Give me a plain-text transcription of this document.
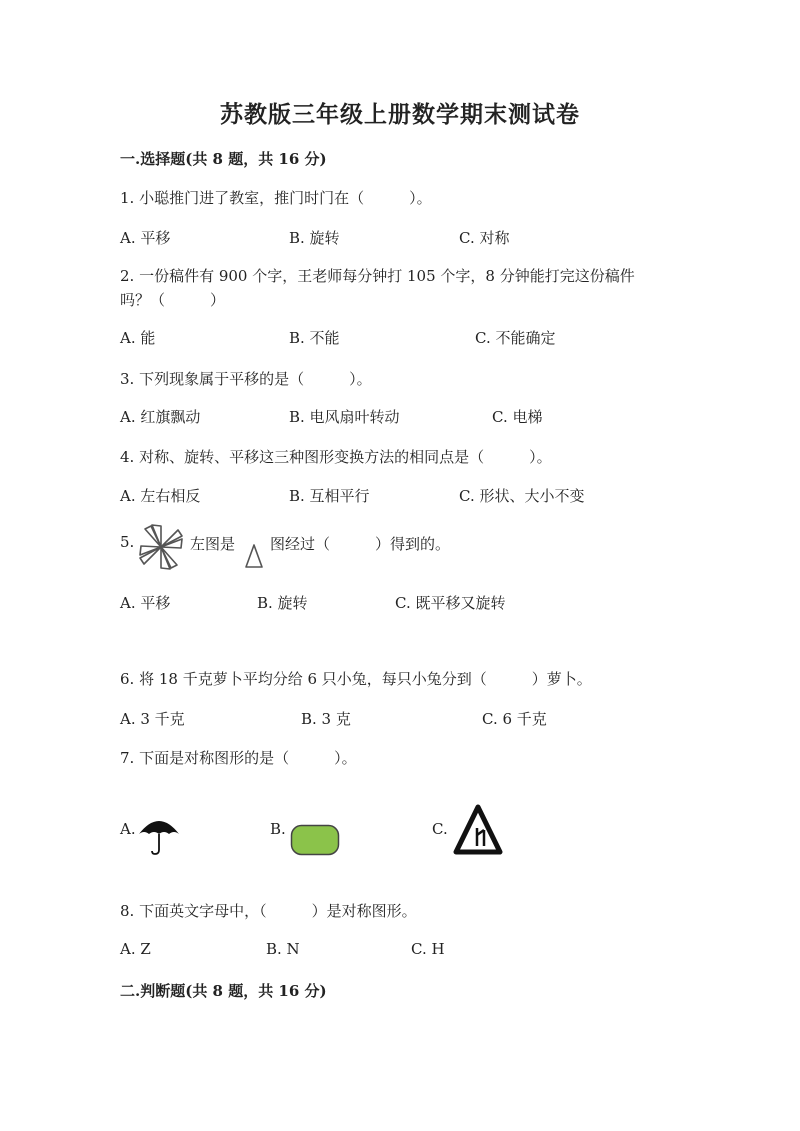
苏教版三年级上册数学期末测试卷
一.选择题(共 8 题，共 16 分)
1. 小聪推门进了教室，推门时门在（　　　）。
A. 平移	B. 旋转	C. 对称
2. 一份稿件有 900 个字，王老师每分钟打 105 个字，8 分钟能打完这份稿件吗？（　　　）
A. 能	B. 不能	C. 不能确定
3. 下列现象属于平移的是（　　　）。
A. 红旗飘动	B. 电风扇叶转动	C. 电梯
4. 对称、旋转、平移这三种图形变换方法的相同点是（　　　）。
A. 左右相反	B. 互相平行	C. 形状、大小不变
5.	左图是 图经过（　　　）得到的。
A. 平移	B. 旋转	C. 既平移又旋转
6. 将 18 千克萝卜平均分给 6 只小兔，每只小兔分到（　　　）萝卜。
A. 3 千克	B. 3 克	C. 6 千克
7. 下面是对称图形的是（　　　）。
A.	B.	C.
8. 下面英文字母中，（　　　）是对称图形。
A. Z	B. N	C. H
二.判断题(共 8 题，共 16 分)
